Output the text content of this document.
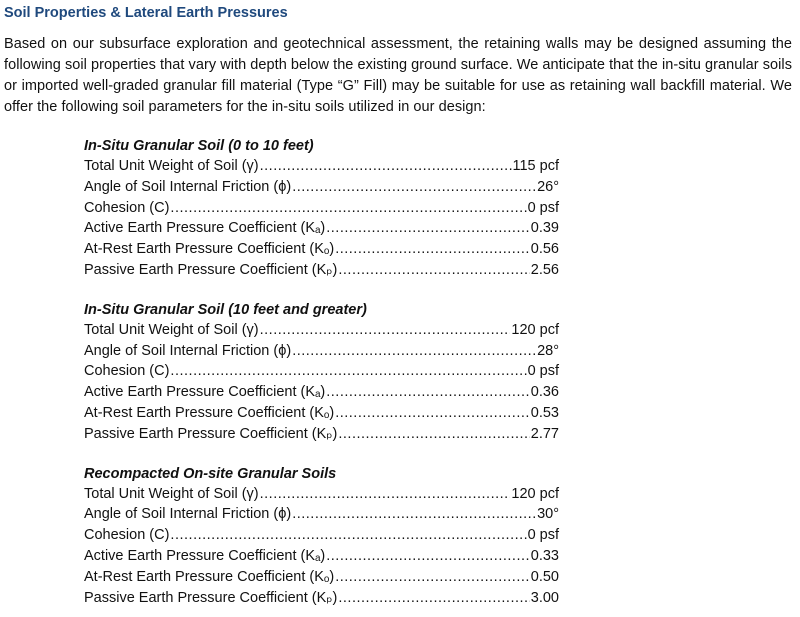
Soil Properties & Lateral Earth Pressures

Based on our subsurface exploration and geotechnical assessment, the retaining walls may be designed assuming the following soil properties that vary with depth below the existing ground surface. We anticipate that the in-situ granular soils or imported well-graded granular fill material (Type “G” Fill) may be suitable for use as retaining wall backfill material. We offer the following soil parameters for the in-situ soils utilized in our design:

In-Situ Granular Soil (0 to 10 feet)
Total Unit Weight of Soil (γ) .....	115 pcf
Angle of Soil Internal Friction (ϕ) .....	26°
Cohesion (C) .....	0 psf
Active Earth Pressure Coefficient (Kₐ) .....	0.39
At-Rest Earth Pressure Coefficient (Kₒ) .....	0.56
Passive Earth Pressure Coefficient (Kₚ) .....	2.56
In-Situ Granular Soil (10 feet and greater)
Total Unit Weight of Soil (γ) .....	120 pcf
Angle of Soil Internal Friction (ϕ) .....	28°
Cohesion (C) .....	0 psf
Active Earth Pressure Coefficient (Kₐ) .....	0.36
At-Rest Earth Pressure Coefficient (Kₒ) .....	0.53
Passive Earth Pressure Coefficient (Kₚ) .....	2.77
Recompacted On-site Granular Soils
Total Unit Weight of Soil (γ) .....	120 pcf
Angle of Soil Internal Friction (ϕ) .....	30°
Cohesion (C) .....	0 psf
Active Earth Pressure Coefficient (Kₐ) .....	0.33
At-Rest Earth Pressure Coefficient (Kₒ) .....	0.50
Passive Earth Pressure Coefficient (Kₚ) .....	3.00
